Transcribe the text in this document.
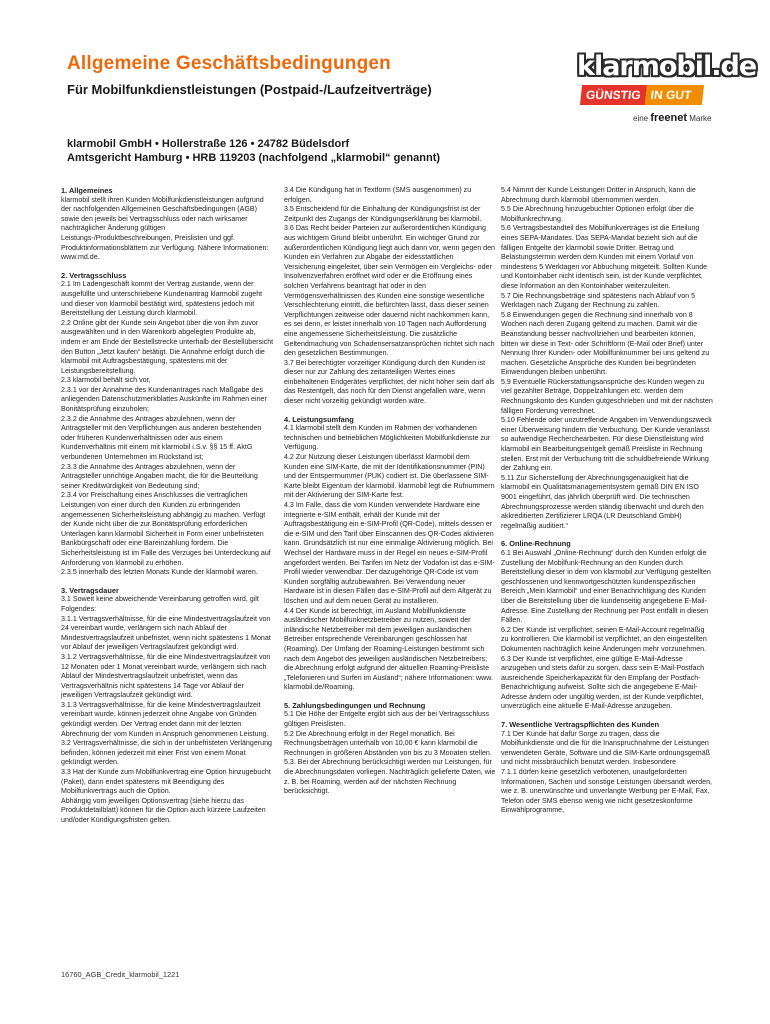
Allgemeine Geschäftsbedingungen
Für Mobilfunkdienstleistungen (Postpaid-/Laufzeitverträge)
klarmobil.de
GÜNSTIG IN GUT
eine freenet Marke
klarmobil GmbH • Hollerstraße 126 • 24782 Büdelsdorf
Amtsgericht Hamburg • HRB 119203 (nachfolgend „klarmobil“ genannt)
1. Allgemeines

klarmobil stellt ihren Kunden Mobilfunkdienstleistungen aufgrund der nachfolgenden Allgemeinen Geschäftsbedingungen (AGB) sowie den jeweils bei Vertragsschluss oder nach wirksamer nachträglicher Änderung gültigen Leistungs-/Produktbeschreibungen, Preislisten und ggf. Produktinformationsblättern zur Verfügung. Nähere Informationen: www.md.de.

2. Vertragsschluss

2.1 Im Ladengeschäft kommt der Vertrag zustande, wenn der ausgefüllte und unterschriebene Kundenantrag klarmobil zugeht und dieser von klarmobil bestätigt wird, spätestens jedoch mit Bereitstellung der Leistung durch klarmobil.

2.2 Online gibt der Kunde sein Angebot über die von ihm zuvor ausgewählten und in den Warenkorb abgelegten Produkte ab, indem er am Ende der Bestellstrecke unterhalb der Bestellübersicht den Button „Jetzt kaufen“ betätigt. Die Annahme erfolgt durch die klarmobil mit Auftragsbestätigung, spätestens mit der Leistungsbereitstellung.

2.3 klarmobil behält sich vor,

2.3.1 vor der Annahme des Kundenantrages nach Maßgabe des anliegenden Datenschutzmerkblattes Auskünfte im Rahmen einer Bonitätsprüfung einzuholen;

2.3.2 die Annahme des Antrages abzulehnen, wenn der Antragsteller mit den Verpflichtungen aus anderen bestehenden oder früheren Kundenverhältnissen oder aus einem Kundenverhältnis mit einem mit klarmobil i.S.v. §§ 15 ff. AktG verbundenen Unternehmen im Rückstand ist;

2.3.3 die Annahme des Antrages abzulehnen, wenn der Antragsteller unrichtige Angaben macht, die für die Beurteilung seiner Kreditwürdigkeit von Bedeutung sind;

2.3.4 vor Freischaltung eines Anschlusses die vertraglichen Leistungen von einer durch den Kunden zu erbringenden angemessenen Sicherheitsleistung abhängig zu machen. Verfügt der Kunde nicht über die zur Bonitätsprüfung erforderlichen Unterlagen kann klarmobil Sicherheit in Form einer unbefristeten Bankbürgschaft oder eine Bareinzahlung fordern. Die Sicherheitsleistung ist im Falle des Verzuges bei Unterdeckung auf Anforderung von klarmobil zu erhöhen.

2.3.5 innerhalb des letzten Monats Kunde der klarmobil waren.

3. Vertragsdauer

3.1 Soweit keine abweichende Vereinbarung getroffen wird, gilt Folgendes:

3.1.1 Vertragsverhältnisse, für die eine Mindestvertragslaufzeit von 24 vereinbart wurde, verlängern sich nach Ablauf der Mindestvertragslaufzeit unbefristet, wenn nicht spätestens 1 Monat vor Ablauf der jeweiligen Vertragslaufzeit gekündigt wird.

3.1.2 Vertragsverhältnisse, für die eine Mindestvertragslaufzeit von 12 Monaten oder 1 Monat vereinbart wurde, verlängern sich nach Ablauf der Mindestvertragslaufzeit unbefristet, wenn das Vertragsverhältnis nicht spätestens 14 Tage vor Ablauf der jeweiligen Vertragslaufzeit gekündigt wird.

3.1.3 Vertragsverhältnisse, für die keine Mindestvertragslaufzeit vereinbart wurde, können jederzeit ohne Angabe von Gründen gekündigt werden. Der Vertrag endet dann mit der letzten Abrechnung der vom Kunden in Anspruch genommenen Leistung.

3.2 Vertragsverhältnisse, die sich in der unbefristeten Verlängerung befinden, können jederzeit mit einer Frist von einem Monat gekündigt werden.

3.3 Hat der Kunde zum Mobilfunkvertrag eine Option hinzugebucht (Paket), dann endet spätestens mit Beendigung des Mobilfunkvertrags auch die Option.

Abhängig vom jeweiligen Optionsvertrag (siehe hierzu das Produktdetailblatt) können für die Option auch kürzere Laufzeiten und/oder Kündigungsfristen gelten.

3.4 Die Kündigung hat in Textform (SMS ausgenommen) zu erfolgen.

3.5 Entscheidend für die Einhaltung der Kündigungsfrist ist der Zeitpunkt des Zugangs der Kündigungserklärung bei klarmobil.

3.6 Das Recht beider Parteien zur außerordentlichen Kündigung aus wichtigem Grund bleibt unberührt. Ein wichtiger Grund zur außerordentlichen Kündigung liegt auch dann vor, wenn gegen den Kunden ein Verfahren zur Abgabe der eidesstattlichen Versicherung eingeleitet, über sein Vermögen ein Vergleichs- oder Insolvenzverfahren eröffnet wird oder er die Eröffnung eines solchen Verfahrens beantragt hat oder in den Vermögensverhältnissen des Kunden eine sonstige wesentliche Verschlechterung eintritt, die befürchten lässt, dass dieser seinen Verpflichtungen zeitweise oder dauernd nicht nachkommen kann, es sei denn, er leistet innerhalb von 10 Tagen nach Aufforderung eine angemessene Sicherheitsleistung. Die zusätzliche Geltendmachung von Schadensersatzansprüchen richtet sich nach den gesetzlichen Bestimmungen.

3.7 Bei berechtigter vorzeitiger Kündigung durch den Kunden ist dieser nur zur Zahlung des zeitanteiligen Wertes eines einbehaltenen Endgerätes verpflichtet, der nicht höher sein darf als das Restentgelt, das noch für den Dienst angefallen wäre, wenn dieser nicht vorzeitig gekündigt worden wäre.

4. Leistungsumfang

4.1 klarmobil stellt dem Kunden im Rahmen der vorhandenen technischen und betrieblichen Möglichkeiten Mobilfunkdienste zur Verfügung.

4.2 Zur Nutzung dieser Leistungen überlässt klarmobil dem Kunden eine SIM-Karte, die mit der Identifikationsnummer (PIN) und der Entsperrnummer (PUK) codiert ist. Die überlassene SIM-Karte bleibt Eigentum der klarmobil. klarmobil legt die Rufnummern mit der Aktivierung der SIM-Karte fest.

4.3 Im Falle, dass die vom Kunden verwendete Hardware eine integrierte e-SIM enthält, erhält der Kunde mit der Auftragsbestätigung ein e-SIM-Profil (QR-Code), mittels dessen er die e-SIM und den Tarif über Einscannen des QR-Codes aktivieren kann. Grundsätzlich ist nur eine einmalige Aktivierung möglich. Bei Wechsel der Hardware muss in der Regel ein neues e-SIM-Profil angefordert werden. Bei Tarifen im Netz der Vodafon ist das e-SIM-Profil wieder verwendbar. Der dazugehörige QR-Code ist vom Kunden sorgfältig aufzubewahren. Bei Verwendung neuer Hardware ist in diesen Fällen das e-SIM-Profil auf dem Altgerät zu löschen und auf dem neuen Gerät zu installieren.

4.4 Der Kunde ist berechtigt, im Ausland Mobilfunkdienste ausländischer Mobilfunknetzbetreiber zu nutzen, soweit der inländische Netzbetreiber mit dem jeweiligen ausländischen Betreiber entsprechende Vereinbarungen geschlossen hat (Roaming). Der Umfang der Roaming-Leistungen bestimmt sich nach dem Angebot des jeweiligen ausländischen Netzbetreibers; die Abrechnung erfolgt aufgrund der aktuellen Roaming-Preisliste „Telefonieren und Surfen im Ausland“; nähere Informationen: www. klarmobil.de/Roaming.

5. Zahlungsbedingungen und Rechnung

5.1 Die Höhe der Entgelte ergibt sich aus der bei Vertragsschluss gültigen Preislisten.

5.2 Die Abrechnung erfolgt in der Regel monatlich. Bei Rechnungsbeträgen unterhalb von 10,00 € kann klarmobil die Rechnungen in größeren Abständen von bis zu 3 Monaten stellen.

5.3. Bei der Abrechnung berücksichtigt werden nur Leistungen, für die Abrechnungsdaten vorliegen. Nachträglich gelieferte Daten, wie z. B. bei Roaming, werden auf der nächsten Rechnung berücksichtigt.

5.4 Nimmt der Kunde Leistungen Dritter in Anspruch, kann die Abrechnung durch klarmobil übernommen werden.

5.5 Die Abrechnung hinzugebuchter Optionen erfolgt über die Mobilfunkrechnung.

5.6 Vertragsbestandteil des Mobilfunkvertrages ist die Erteilung eines SEPA-Mandates. Das SEPA-Mandat bezieht sich auf die fälligen Entgelte der klarmobil sowie Dritter. Betrag und Belastungstermin werden dem Kunden mit einem Vorlauf von mindestens 5 Werktagen vor Abbuchung mitgeteilt. Sollten Kunde und Kontoinhaber nicht identisch sein, ist der Kunde verpflichtet, diese Information an den Kontoinhaber weiterzuleiten.

5.7 Die Rechnungsbeträge sind spätestens nach Ablauf von 5 Werktagen nach Zugang der Rechnung zu zahlen.

5.8 Einwendungen gegen die Rechnung sind innerhalb von 8 Wochen nach deren Zugang geltend zu machen. Damit wir die Beanstandung besser nachvollziehen und bearbeiten können, bitten wir diese in Text- oder Schriftform (E-Mail oder Brief) unter Nennung Ihrer Kunden- oder Mobilfunknummer bei uns geltend zu machen. Gesetzliche Ansprüche des Kunden bei begründeten Einwendungen bleiben unberührt.

5.9 Eventuelle Rückerstattungsansprüche des Kunden wegen zu viel gezahlter Beträge, Doppelzahlungen etc. werden dem Rechnungskonto des Kunden gutgeschrieben und mit der nächsten fälligen Forderung verrechnet.

5.10 Fehlende oder unzutreffende Angaben im Verwendungszweck einer Überweisung hindern die Verbuchung. Der Kunde veranlasst so aufwendige Recherchearbeiten. Für diese Dienstleistung wird klarmobil ein Bearbeitungsentgelt gemäß Preisliste in Rechnung stellen. Erst mit der Verbuchung tritt die schuldbefreiende Wirkung der Zahlung ein.

5.11 Zur Sicherstellung der Abrechnungsgenauigkeit hat die klarmobil ein Qualitätsmanagementsystem gemäß DIN EN ISO 9001 eingeführt, das jährlich überprüft wird. Die technischen Abrechnungsprozesse werden ständig überwacht und durch den akkreditierten Zertifizierer LRQA (LR Deutschland GmbH) regelmäßig auditiert.“

6. Online-Rechnung

6.1 Bei Auswahl „Online-Rechnung“ durch den Kunden erfolgt die Zustellung der Mobilfunk-Rechnung an den Kunden durch Bereitstellung dieser in dem von klarmobil zur Verfügung gestellten geschlossenen und kennwortgeschützten kundenspezifischen Bereich „Mein klarmobil“ und einer Benachrichtigung des Kunden über die Bereitstellung über die kundenseitig angegebene E-Mail-Adresse. Eine Zustellung der Rechnung per Post entfällt in diesen Fällen.

6.2 Der Kunde ist verpflichtet, seinen E-Mail-Account regelmäßig zu kontrollieren. Die klarmobil ist verpflichtet, an den eingestellten Dokumenten nachträglich keine Änderungen mehr vorzunehmen.

6.3 Der Kunde ist verpflichtet, eine gültige E-Mail-Adresse anzugeben und stets dafür zu sorgen, dass sein E-Mail-Postfach ausreichende Speicherkapazität für den Empfang der Postfach- Benachrichtigung aufweist. Sollte sich die angegebene E-Mail-Adresse ändern oder ungültig werden, ist der Kunde verpflichtet, unverzüglich eine aktuelle E-Mail-Adresse anzugeben.

7. Wesentliche Vertragspflichten des Kunden

7.1 Der Kunde hat dafür Sorge zu tragen, dass die Mobilfunkdienste und die für die Inanspruchnahme der Leistungen verwendeten Geräte, Software und die SIM-Karte ordnungsgemäß und nicht missbräuchlich benutzt werden. Insbesondere

7.1.1 dürfen keine gesetzlich verbotenen, unaufgeforderten Informationen, Sachen und sonstige Leistungen übersandt werden, wie z. B. unerwünschte und unverlangte Werbung per E-Mail, Fax, Telefon oder SMS ebenso wenig wie nicht gesetzeskonforme Einwählprogramme,

16760_AGB_Credit_klarmobil_1221
